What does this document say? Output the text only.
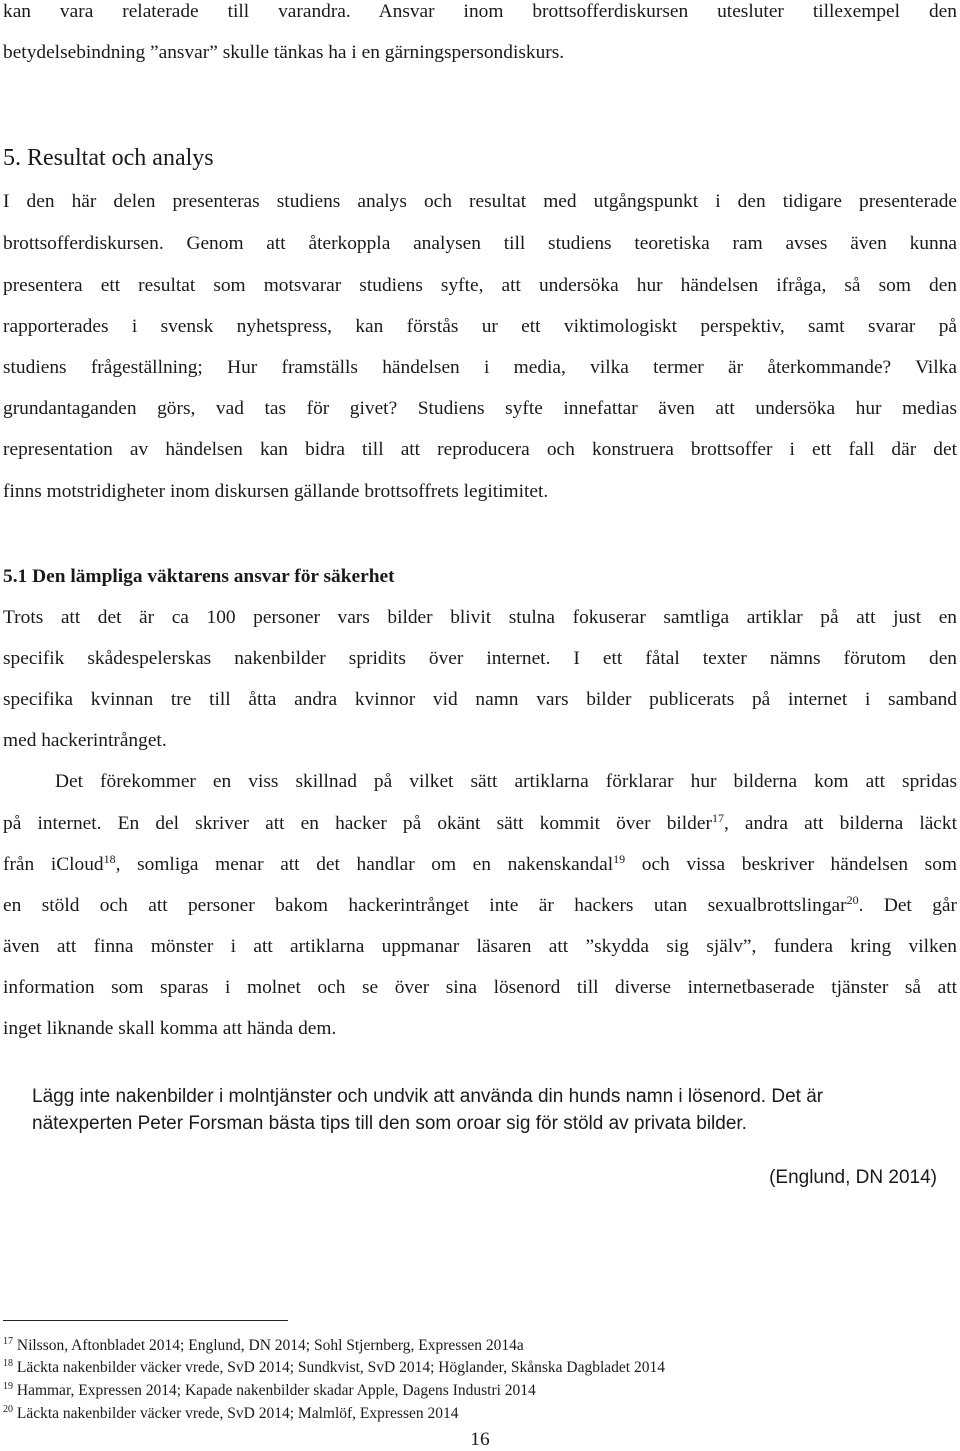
kan vara relaterade till varandra. Ansvar inom brottsofferdiskursen utesluter tillexempel den
betydelsebindning ”ansvar” skulle tänkas ha i en gärningspersondiskurs.
5. Resultat och analys
I den här delen presenteras studiens analys och resultat med utgångspunkt i den tidigare presenterade
brottsofferdiskursen. Genom att återkoppla analysen till studiens teoretiska ram avses även kunna
presentera ett resultat som motsvarar studiens syfte, att undersöka hur händelsen ifråga, så som den
rapporterades i svensk nyhetspress, kan förstås ur ett viktimologiskt perspektiv, samt svarar på
studiens frågeställning; Hur framställs händelsen i media, vilka termer är återkommande? Vilka
grundantaganden görs, vad tas för givet? Studiens syfte innefattar även att undersöka hur medias
representation av händelsen kan bidra till att reproducera och konstruera brottsoffer i ett fall där det
finns motstridigheter inom diskursen gällande brottsoffrets legitimitet.
5.1 Den lämpliga väktarens ansvar för säkerhet
Trots att det är ca 100 personer vars bilder blivit stulna fokuserar samtliga artiklar på att just en
specifik skådespelerskas nakenbilder spridits över internet. I ett fåtal texter nämns förutom den
specifika kvinnan tre till åtta andra kvinnor vid namn vars bilder publicerats på internet i samband
med hackerintrånget.
Det förekommer en viss skillnad på vilket sätt artiklarna förklarar hur bilderna kom att spridas
på internet. En del skriver att en hacker på okänt sätt kommit över bilder$^{17}$, andra att bilderna läckt
från iCloud$^{18}$, somliga menar att det handlar om en nakenskandal$^{19}$ och vissa beskriver händelsen som
en stöld och att personer bakom hackerintrånget inte är hackers utan sexualbrottslingar$^{20}$. Det går
även att finna mönster i att artiklarna uppmanar läsaren att ”skydda sig själv”, fundera kring vilken
information som sparas i molnet och se över sina lösenord till diverse internetbaserade tjänster så att
inget liknande skall komma att hända dem.
Lägg inte nakenbilder i molntjänster och undvik att använda din hunds namn i lösenord. Det är
nätexperten Peter Forsman bästa tips till den som oroar sig för stöld av privata bilder.
(Englund, DN 2014)
$^{17}$ Nilsson, Aftonbladet 2014; Englund, DN 2014; Sohl Stjernberg, Expressen 2014a
$^{18}$ Läckta nakenbilder väcker vrede, SvD 2014; Sundkvist, SvD 2014; Höglander, Skånska Dagbladet 2014
$^{19}$ Hammar, Expressen 2014; Kapade nakenbilder skadar Apple, Dagens Industri 2014
$^{20}$ Läckta nakenbilder väcker vrede, SvD 2014; Malmlöf, Expressen 2014
16
